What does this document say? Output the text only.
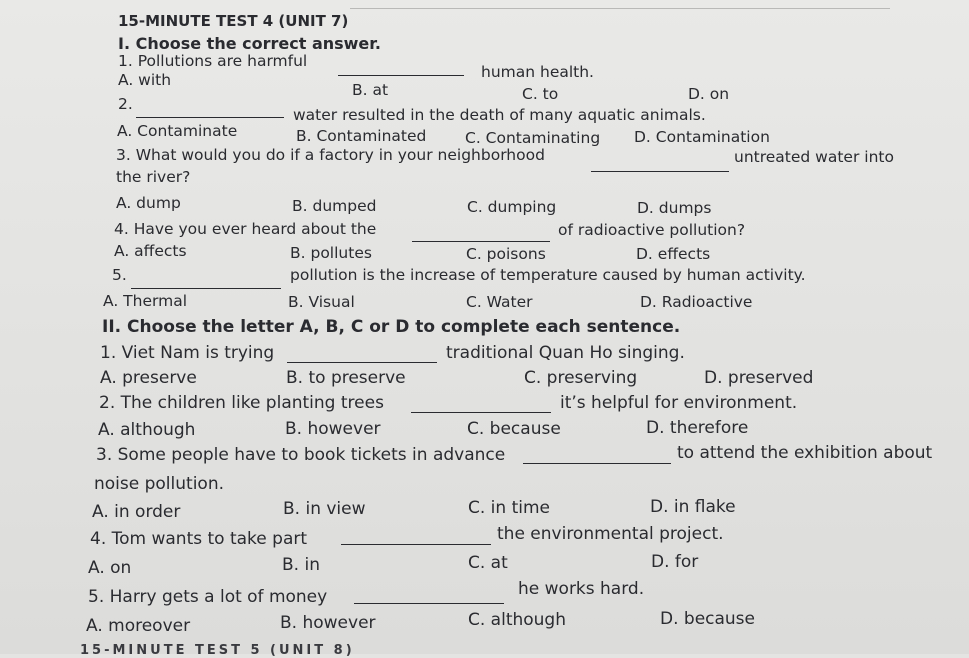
15-MINUTE TEST 4 (UNIT 7)
I. Choose the correct answer.
1. Pollutions are harmful
human health.
A. with
B. at	C. to	D. on
2.
water resulted in the death of many aquatic animals.
A. Contaminate	B. Contaminated C. Contaminating D. Contamination
3. What would you do if a factory in your neighborhood	untreated water into
the river?
A. dump	B. dumped	C. dumping	D. dumps
4. Have you ever heard about the	of radioactive pollution?
A. affects	B. pollutes	C. poisons	D. effects
5.	pollution is the increase of temperature caused by human activity.
A. Thermal	B. Visual	C. Water	D. Radioactive
II. Choose the letter A, B, C or D to complete each sentence.
1. Viet Nam is trying	traditional Quan Ho singing.
A. preserve	B. to preserve	C. preserving	D. preserved
2. The children like planting trees	it’s helpful for environment.
A. although	B. however	C. because	D. therefore
3. Some people have to book tickets in advance	to attend the exhibition about
noise pollution.
A. in order	B. in view	C. in time	D. in flake
4. Tom wants to take part	the environmental project.
A. on	B. in	C. at	D. for
5. Harry gets a lot of money	he works hard.
A. moreover	B. however	C. although	D. because
15-MINUTE TEST 5 (UNIT 8)
